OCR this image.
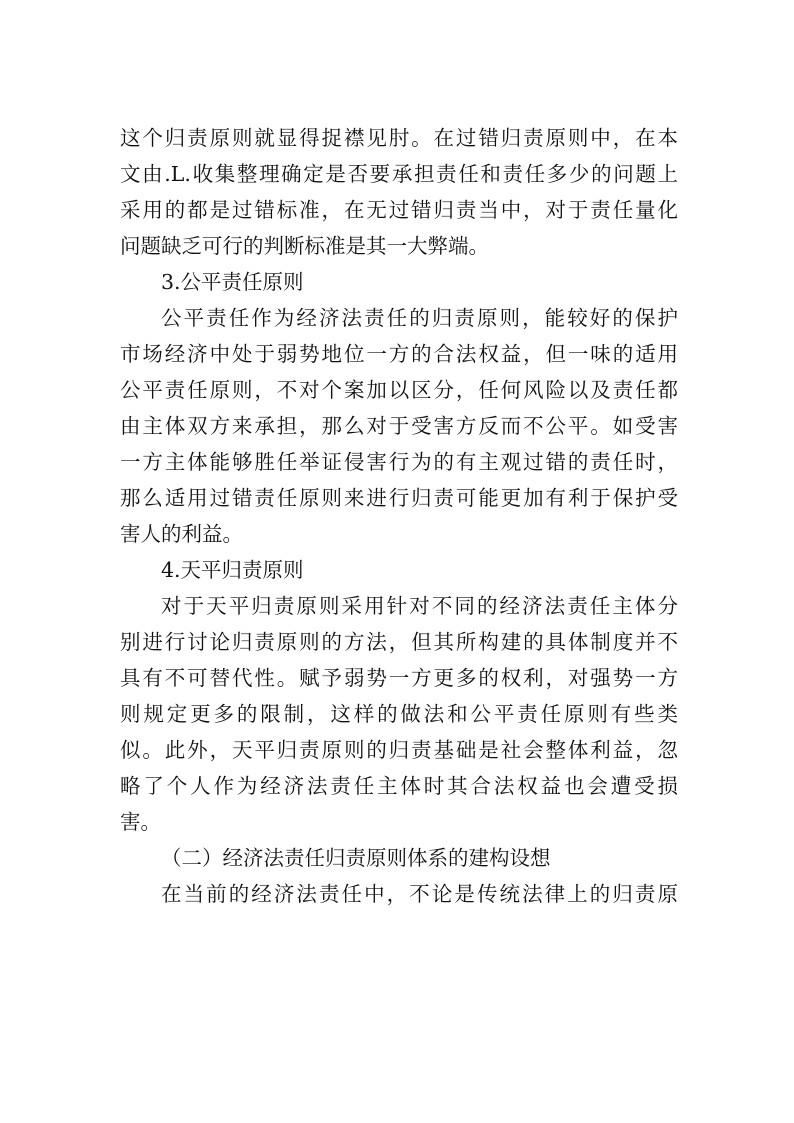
这个归责原则就显得捉襟见肘。在过错归责原则中，在本
文由.L.收集整理确定是否要承担责任和责任多少的问题上
采用的都是过错标准，在无过错归责当中，对于责任量化
问题缺乏可行的判断标准是其一大弊端。
3.公平责任原则
公平责任作为经济法责任的归责原则，能较好的保护
市场经济中处于弱势地位一方的合法权益，但一味的适用
公平责任原则，不对个案加以区分，任何风险以及责任都
由主体双方来承担，那么对于受害方反而不公平。如受害
一方主体能够胜任举证侵害行为的有主观过错的责任时，
那么适用过错责任原则来进行归责可能更加有利于保护受
害人的利益。
4.天平归责原则
对于天平归责原则采用针对不同的经济法责任主体分
别进行讨论归责原则的方法，但其所构建的具体制度并不
具有不可替代性。赋予弱势一方更多的权利，对强势一方
则规定更多的限制，这样的做法和公平责任原则有些类
似。此外，天平归责原则的归责基础是社会整体利益，忽
略了个人作为经济法责任主体时其合法权益也会遭受损
害。
（二）经济法责任归责原则体系的建构设想
在当前的经济法责任中，不论是传统法律上的归责原
